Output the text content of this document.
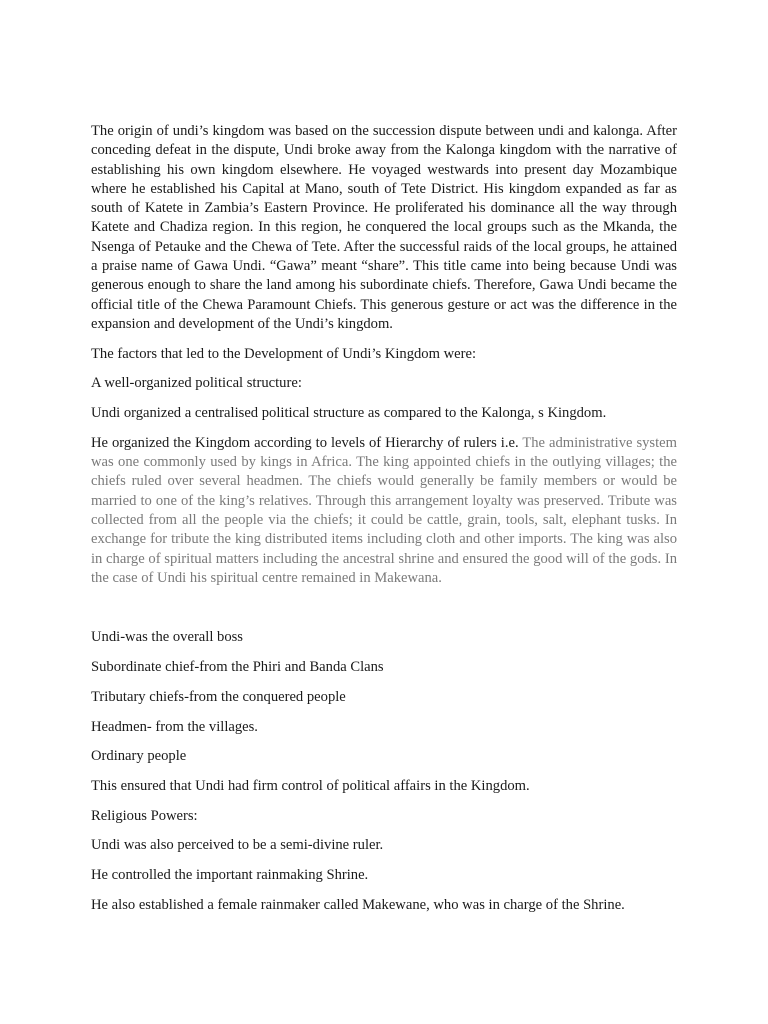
The origin of undi’s kingdom was based on the succession dispute between undi and kalonga. After conceding defeat in the dispute, Undi broke away from the Kalonga kingdom with the narrative of establishing his own kingdom elsewhere. He voyaged westwards into present day Mozambique where he established his Capital at Mano, south of Tete District. His kingdom expanded as far as south of Katete in Zambia’s Eastern Province. He proliferated his dominance all the way through Katete and Chadiza region. In this region, he conquered the local groups such as the Mkanda, the Nsenga of Petauke and the Chewa of Tete. After the successful raids of the local groups, he attained a praise name of Gawa Undi. “Gawa” meant “share”. This title came into being because Undi was generous enough to share the land among his subordinate chiefs. Therefore, Gawa Undi became the official title of the Chewa Paramount Chiefs. This generous gesture or act was the difference in the expansion and development of the Undi’s kingdom.

The factors that led to the Development of Undi’s Kingdom were:

A well-organized political structure:

Undi organized a centralised political structure as compared to the Kalonga, s Kingdom.

He organized the Kingdom according to levels of Hierarchy of rulers i.e. The administrative system was one commonly used by kings in Africa. The king appointed chiefs in the outlying villages; the chiefs ruled over several headmen. The chiefs would generally be family members or would be married to one of the king’s relatives. Through this arrangement loyalty was preserved. Tribute was collected from all the people via the chiefs; it could be cattle, grain, tools, salt, elephant tusks. In exchange for tribute the king distributed items including cloth and other imports. The king was also in charge of spiritual matters including the ancestral shrine and ensured the good will of the gods. In the case of Undi his spiritual centre remained in Makewana.

Undi-was the overall boss

Subordinate chief-from the Phiri and Banda Clans

Tributary chiefs-from the conquered people

Headmen- from the villages.

Ordinary people

This ensured that Undi had firm control of political affairs in the Kingdom.

Religious Powers:

Undi was also perceived to be a semi-divine ruler.

He controlled the important rainmaking Shrine.

He also established a female rainmaker called Makewane, who was in charge of the Shrine.
